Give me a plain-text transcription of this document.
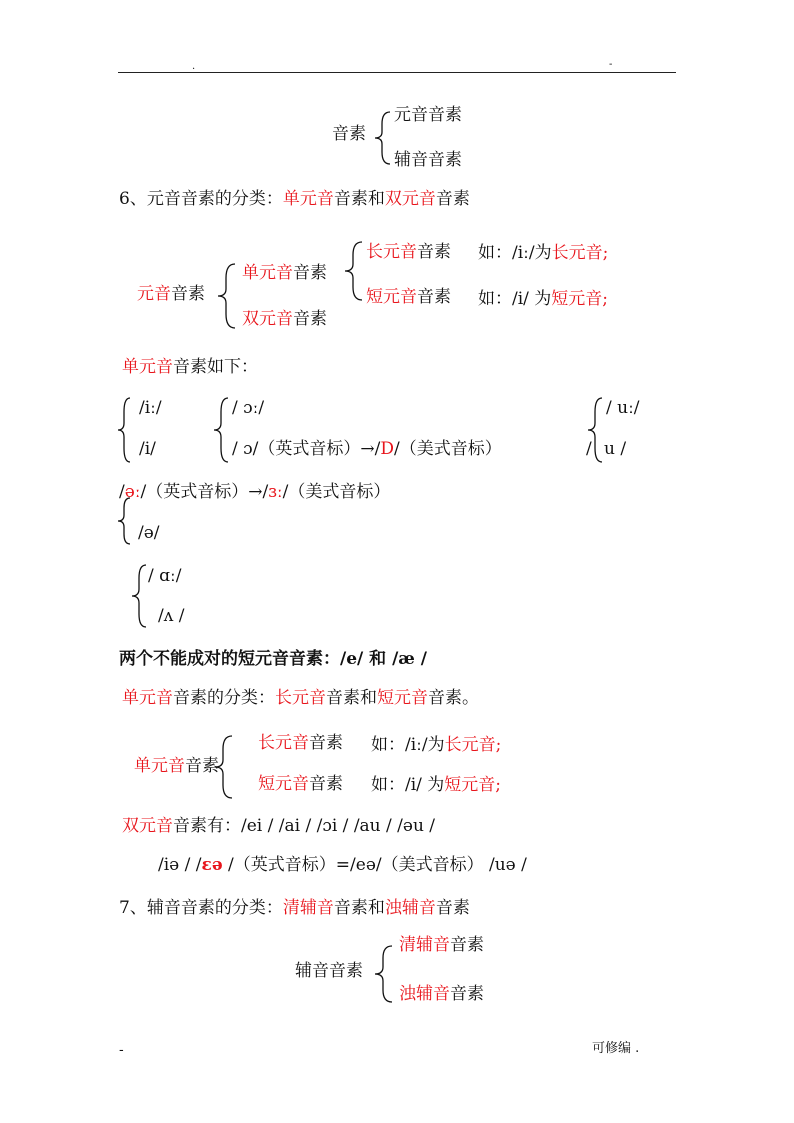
.	-
音素
元音音素
辅音音素
6、元音音素的分类：单元音音素和双元音音素
元音音素
单元音音素
双元音音素
长元音音素 如：/iː/为长元音;
短元音音素 如：/i/ 为短元音;
单元音音素如下：
/iː/
/i/
/ ɔː/
/ ɔ/（英式音标）→/D/（美式音标）
/ uː/
/ u /
/əː/（英式音标）→/ɜː/（美式音标）
/ə/
/ ɑː/
/ʌ /
两个不能成对的短元音音素：/e/ 和 /æ /
单元音音素的分类：长元音音素和短元音音素。
单元音音素
长元音音素 如：/iː/为长元音;
短元音音素 如：/i/ 为短元音;
双元音音素有：/ei / /ai / /ɔi / /au / /əu /
/iə / /ɛə /（英式音标）=/eə/（美式音标） /uə /
7、辅音音素的分类：清辅音音素和浊辅音音素
辅音音素
清辅音音素
浊辅音音素
-	可修编 .
